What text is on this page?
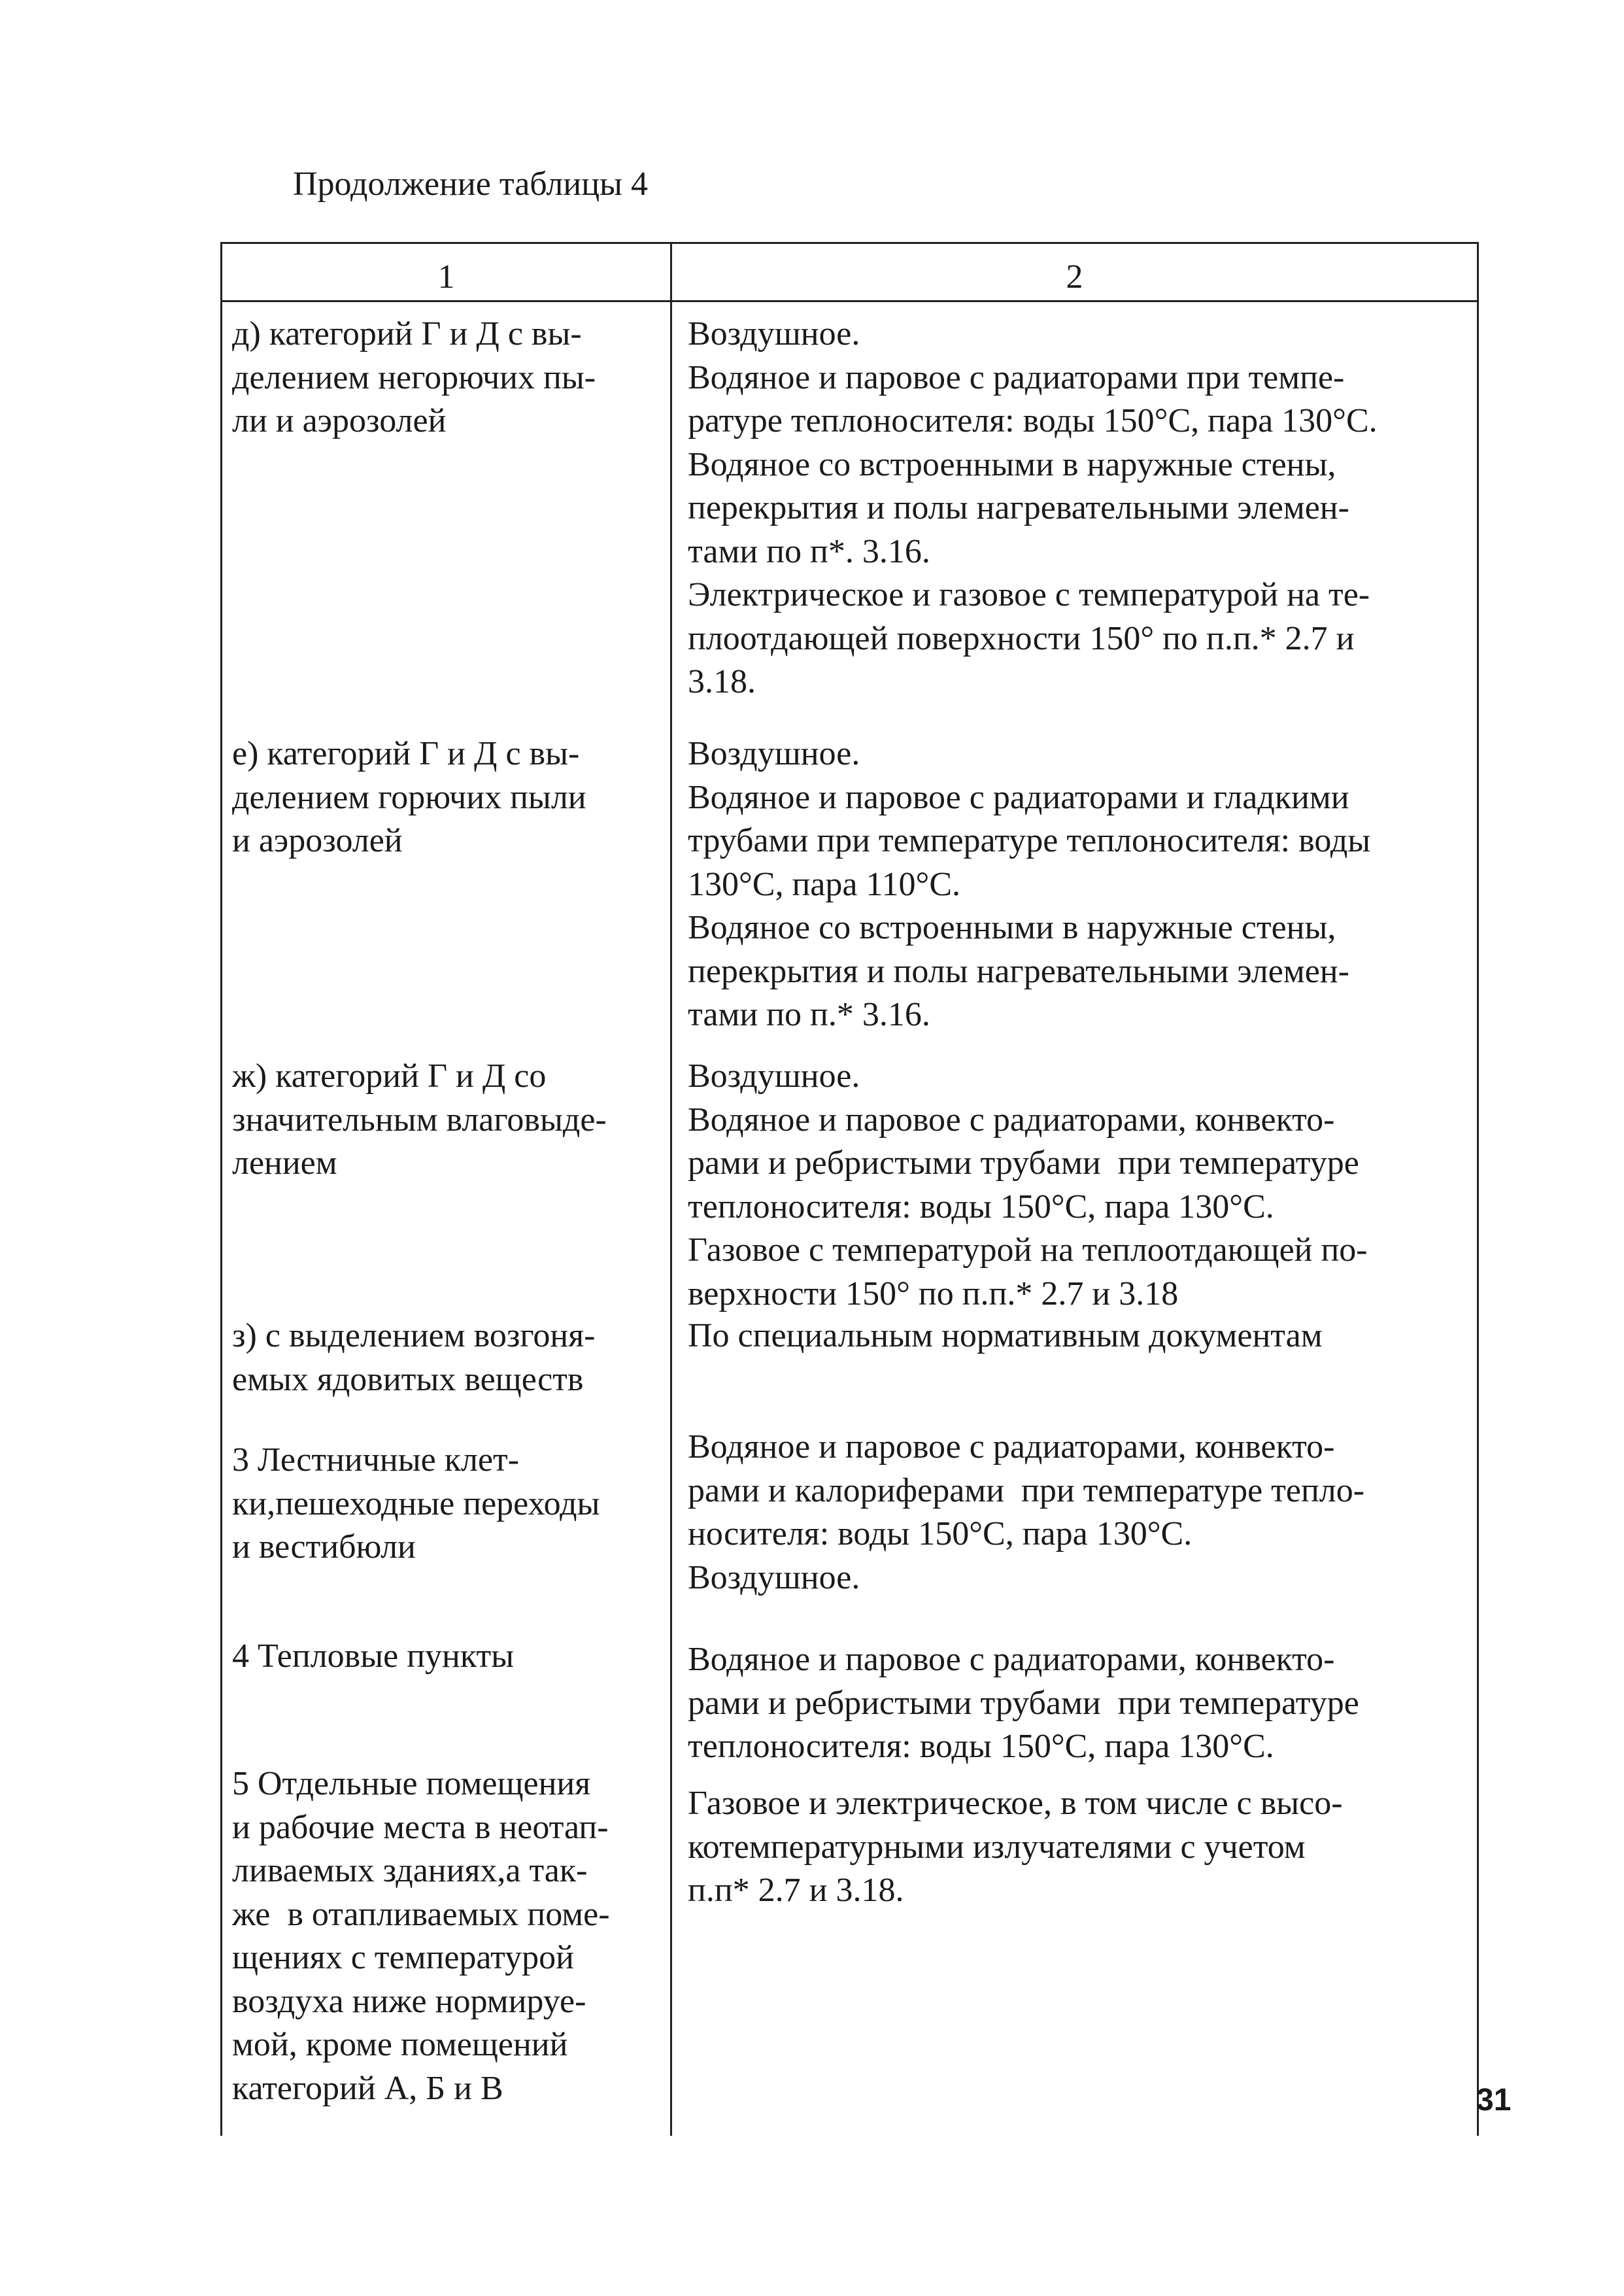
Продолжение таблицы 4
1	2
д) категорий Г и Д с вы-
делением негорючих пы-
ли и аэрозолей
Воздушное.
Водяное и паровое с радиаторами при темпе-
ратуре теплоносителя: воды 150°С, пара 130°С.
Водяное со встроенными в наружные стены,
перекрытия и полы нагревательными элемен-
тами по п*. 3.16.
Электрическое и газовое с температурой на те-
плоотдающей поверхности 150° по п.п.* 2.7 и
3.18.
е) категорий Г и Д с вы-
делением горючих пыли
и аэрозолей
Воздушное.
Водяное и паровое с радиаторами и гладкими
трубами при температуре теплоносителя: воды
130°С, пара 110°С.
Водяное со встроенными в наружные стены,
перекрытия и полы нагревательными элемен-
тами по п.* 3.16.
ж) категорий Г и Д со
значительным влаговыде-
лением
Воздушное.
Водяное и паровое с радиаторами, конвекто-
рами и ребристыми трубами  при температуре
теплоносителя: воды 150°С, пара 130°С.
Газовое с температурой на теплоотдающей по-
верхности 150° по п.п.* 2.7 и 3.18
з) с выделением возгоня-
емых ядовитых веществ
По специальным нормативным документам
3 Лестничные клет-
ки,пешеходные переходы
и вестибюли
Водяное и паровое с радиаторами, конвекто-
рами и калориферами  при температуре тепло-
носителя: воды 150°С, пара 130°С.
Воздушное.
4 Тепловые пункты	Водяное и паровое с радиаторами, конвекто-
рами и ребристыми трубами  при температуре
теплоносителя: воды 150°С, пара 130°С.
5 Отдельные помещения
и рабочие места в неотап-
ливаемых зданиях,а так-
же  в отапливаемых поме-
щениях с температурой
воздуха ниже нормируе-
мой, кроме помещений
категорий А, Б и В
Газовое и электрическое, в том числе с высо-
котемпературными излучателями с учетом
п.п* 2.7 и 3.18.
31
